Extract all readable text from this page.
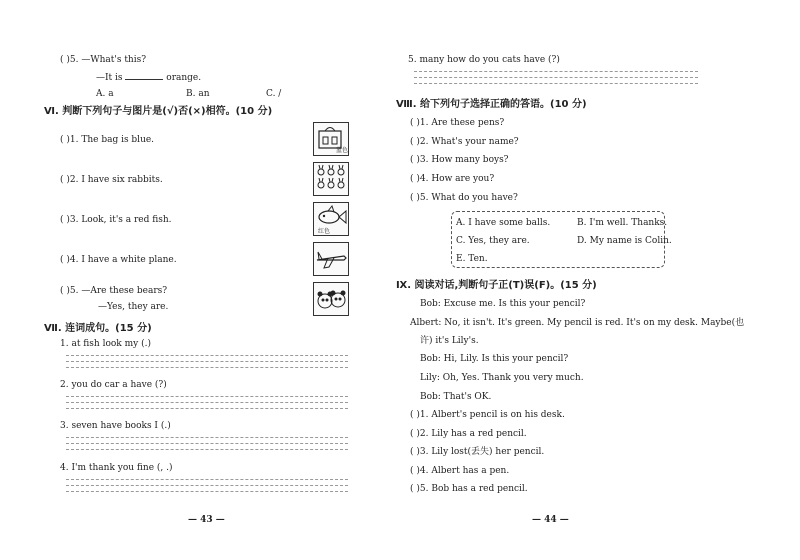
( )5. —What's this?
—It is	orange.
A. a	B. an	C. /
Ⅵ. 判断下列句子与图片是(√)否(×)相符。(10 分)
( )1. The bag is blue.
( )2. I have six rabbits.
( )3. Look, it's a red fish.
( )4. I have a white plane.
( )5. —Are these bears?
—Yes, they are.
蓝色
红色
Ⅶ. 连词成句。(15 分)
1. at fish look my (.)
2. you do car a have (?)
3. seven have books I (.)
4. I'm thank you fine (, .)
— 43 —
5. many how do you cats have (?)
Ⅷ. 给下列句子选择正确的答语。(10 分)
( )1. Are these pens?
( )2. What's your name?
( )3. How many boys?
( )4. How are you?
( )5. What do you have?
A. I have some balls.	B. I'm well. Thanks.
C. Yes, they are.	D. My name is Colin.
E. Ten.
Ⅸ. 阅读对话,判断句子正(T)误(F)。(15 分)
Bob: Excuse me. Is this your pencil?
Albert: No, it isn't. It's green. My pencil is red. It's on my desk. Maybe(也
许) it's Lily's.
Bob: Hi, Lily. Is this your pencil?
Lily: Oh, Yes. Thank you very much.
Bob: That's OK.
( )1. Albert's pencil is on his desk.
( )2. Lily has a red pencil.
( )3. Lily lost(丢失) her pencil.
( )4. Albert has a pen.
( )5. Bob has a red pencil.
— 44 —
